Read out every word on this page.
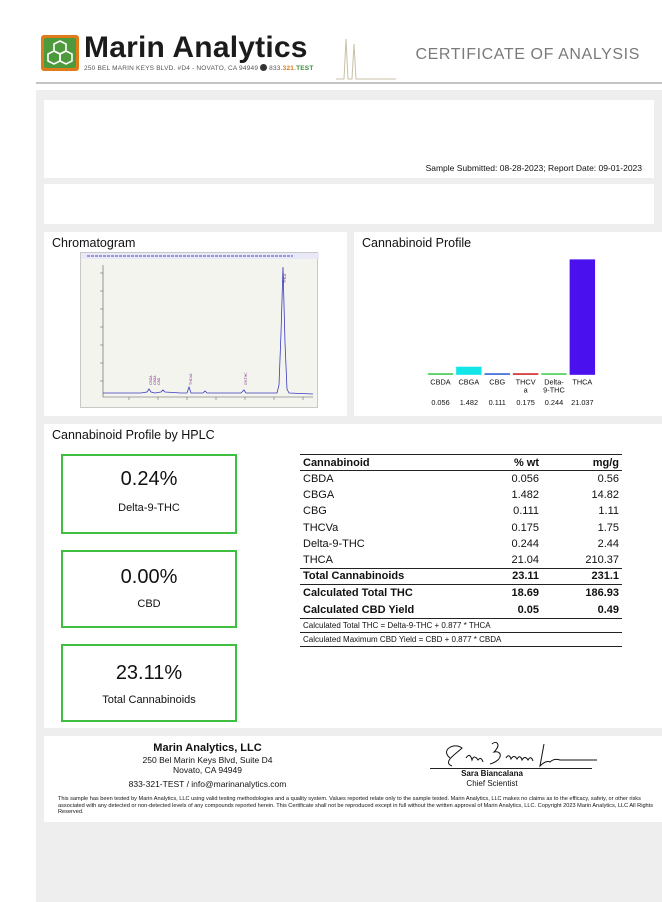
Marin Analytics
250 BEL MARIN KEYS BLVD. #D4 - NOVATO, CA 94949 833.321.TEST
CERTIFICATE OF ANALYSIS
Sample Submitted: 08-28-2023; Report Date: 09-01-2023
Chromatogram
CBDA CBGA CBG	THCVA	D9-THC
THCA
Cannabinoid Profile
CBDA
0.056
CBGA
1.482
CBG
0.111
THCV
a
0.175
Delta-
9-THC
0.244
THCA
21.037
Cannabinoid Profile by HPLC
0.24%
Delta-9-THC
0.00%
CBD
23.11%
Total Cannabinoids
Cannabinoid	% wt	mg/g
CBDA	0.056	0.56
CBGA	1.482	14.82
CBG	0.111	1.11
THCVa	0.175	1.75
Delta-9-THC	0.244	2.44
THCA	21.04	210.37
Total Cannabinoids	23.11	231.1
Calculated Total THC	18.69	186.93
Calculated CBD Yield	0.05	0.49
Calculated Total THC = Delta-9-THC + 0.877 * THCA		
Calculated Maximum CBD Yield = CBD + 0.877 * CBDA		
Marin Analytics, LLC
250 Bel Marin Keys Blvd, Suite D4
Novato, CA 94949
833-321-TEST / info@marinanalytics.com
Sara Biancalana
Chief Scientist
This sample has been tested by Marin Analytics, LLC using valid testing methodologies and a quality system. Values reported relate only to the sample tested. Marin Analytics, LLC makes no claims as to the efficacy, safety, or other risks associated with any detected or non-detected levels of any compounds reported herein. This Certificate shall not be reproduced except in full without the written approval of Marin Analytics, LLC. Copyright 2023 Marin Analytics, LLC All Rights Reserved.
